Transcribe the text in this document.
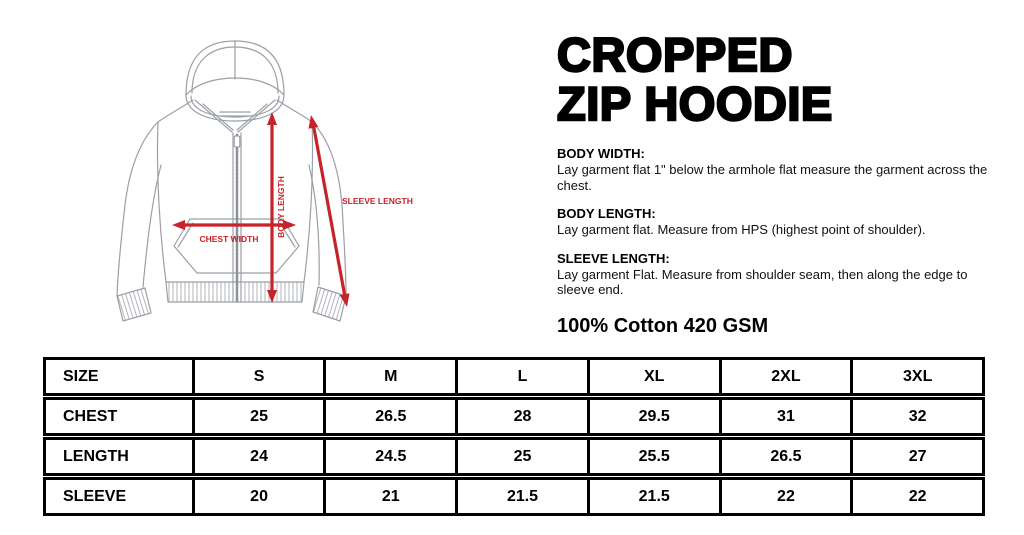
BODY LENGTH	SLEEVE LENGTH
CHEST WIDTH
CROPPED
ZIP HOODIE
BODY WIDTH:

Lay garment flat 1" below the armhole flat measure the garment across the chest.

BODY LENGTH:

Lay garment flat. Measure from HPS (highest point of shoulder).

SLEEVE LENGTH:

Lay garment Flat. Measure from shoulder seam, then along the edge to sleeve end.

100% Cotton 420 GSM
SIZE	S	M	L	XL	2XL	3XL
CHEST	25	26.5	28	29.5	31	32
LENGTH	24	24.5	25	25.5	26.5	27
SLEEVE	20	21	21.5	21.5	22	22
